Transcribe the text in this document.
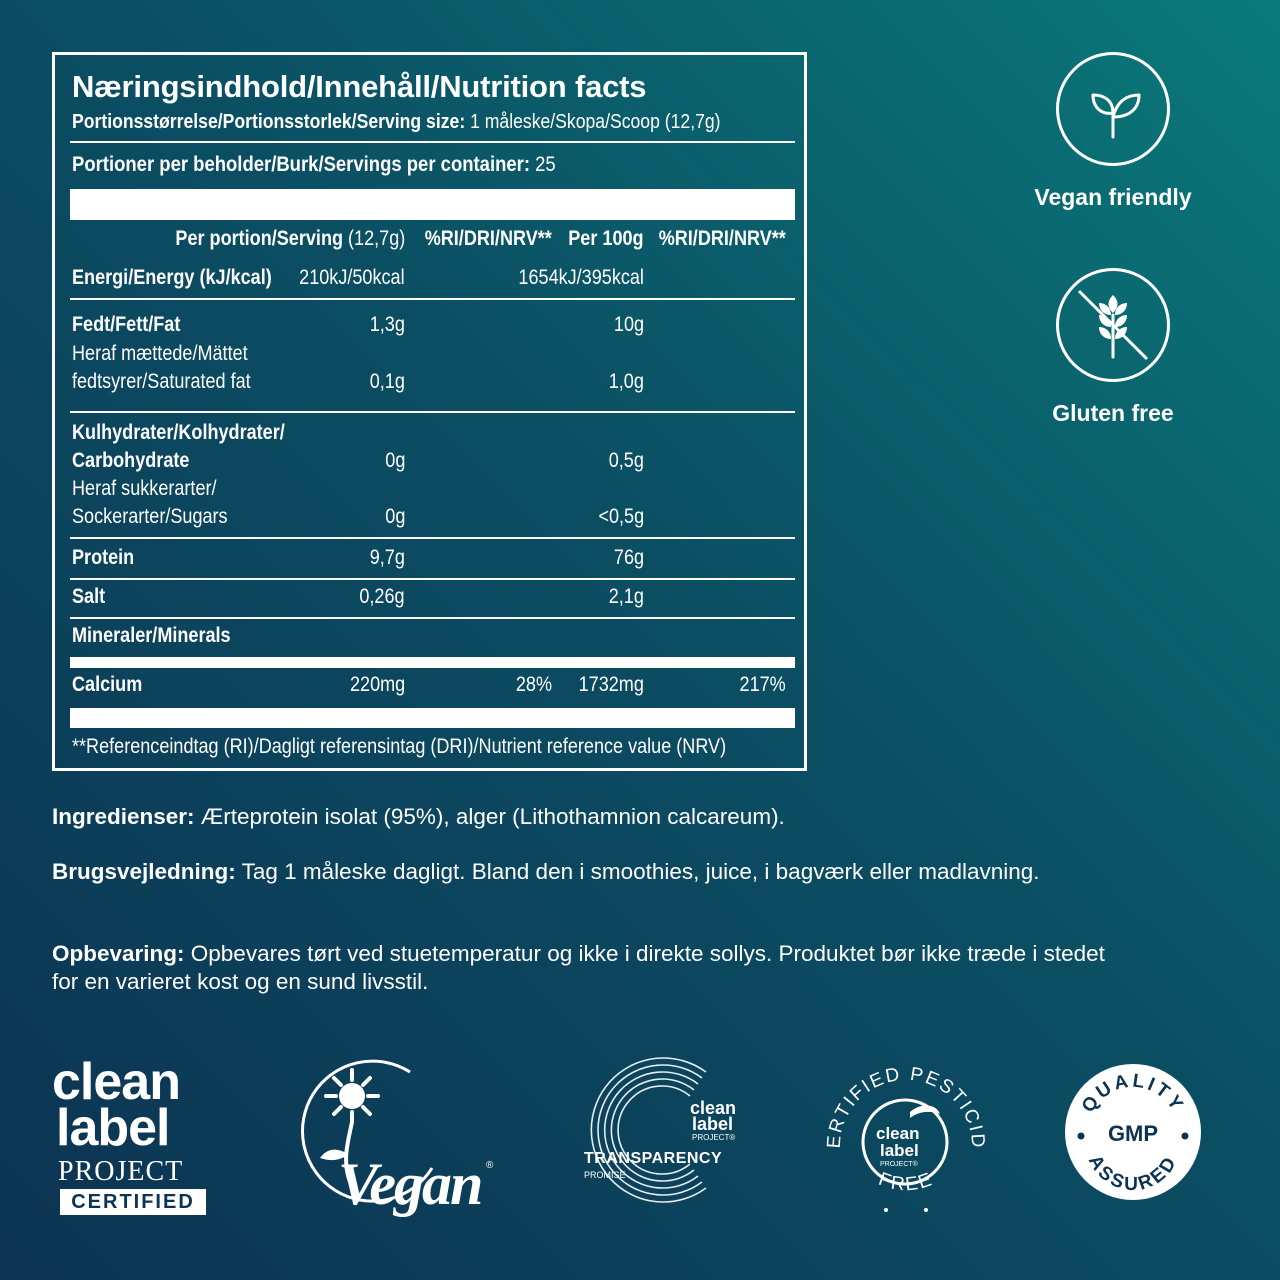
Næringsindhold/Innehåll/Nutrition facts
Portionsstørrelse/Portionsstorlek/Serving size: 1 måleske/Skopa/Scoop (12,7g)
Portioner per beholder/Burk/Servings per container: 25
Per portion/Serving (12,7g) %RI/DRI/NRV** Per 100g %RI/DRI/NRV**
Energi/Energy (kJ/kcal) 210kJ/50kcal	1654kJ/395kcal
Fedt/Fett/Fat	1,3g	10g
Heraf mættede/Mättet
fedtsyrer/Saturated fat	0,1g	1,0g
Kulhydrater/Kolhydrater/
Carbohydrate	0g	0,5g
Heraf sukkerarter/
Sockerarter/Sugars	0g	<0,5g
Protein	9,7g	76g
Salt	0,26g	2,1g
Mineraler/Minerals
Calcium	220mg	28% 1732mg	217%
**Referenceindtag (RI)/Dagligt referensintag (DRI)/Nutrient reference value (NRV)
Vegan friendly
Gluten free
Ingredienser: Ærteprotein isolat (95%), alger (Lithothamnion calcareum).
Brugsvejledning: Tag 1 måleske dagligt. Bland den i smoothies, juice, i bagværk eller madlavning.
Opbevaring: Opbevares tørt ved stuetemperatur og ikke i direkte sollys. Produktet bør ikke træde i stedet for en varieret kost og en sund livsstil.
clean
label
PROJECT
CERTIFIED Vegan ®
clean
label
PROJECT®
TRANSPARENCY
PROMISE
ERTIFIED PESTICID
FREE
clean
label
PROJECT®
QUALITY
ASSURED
GMP
